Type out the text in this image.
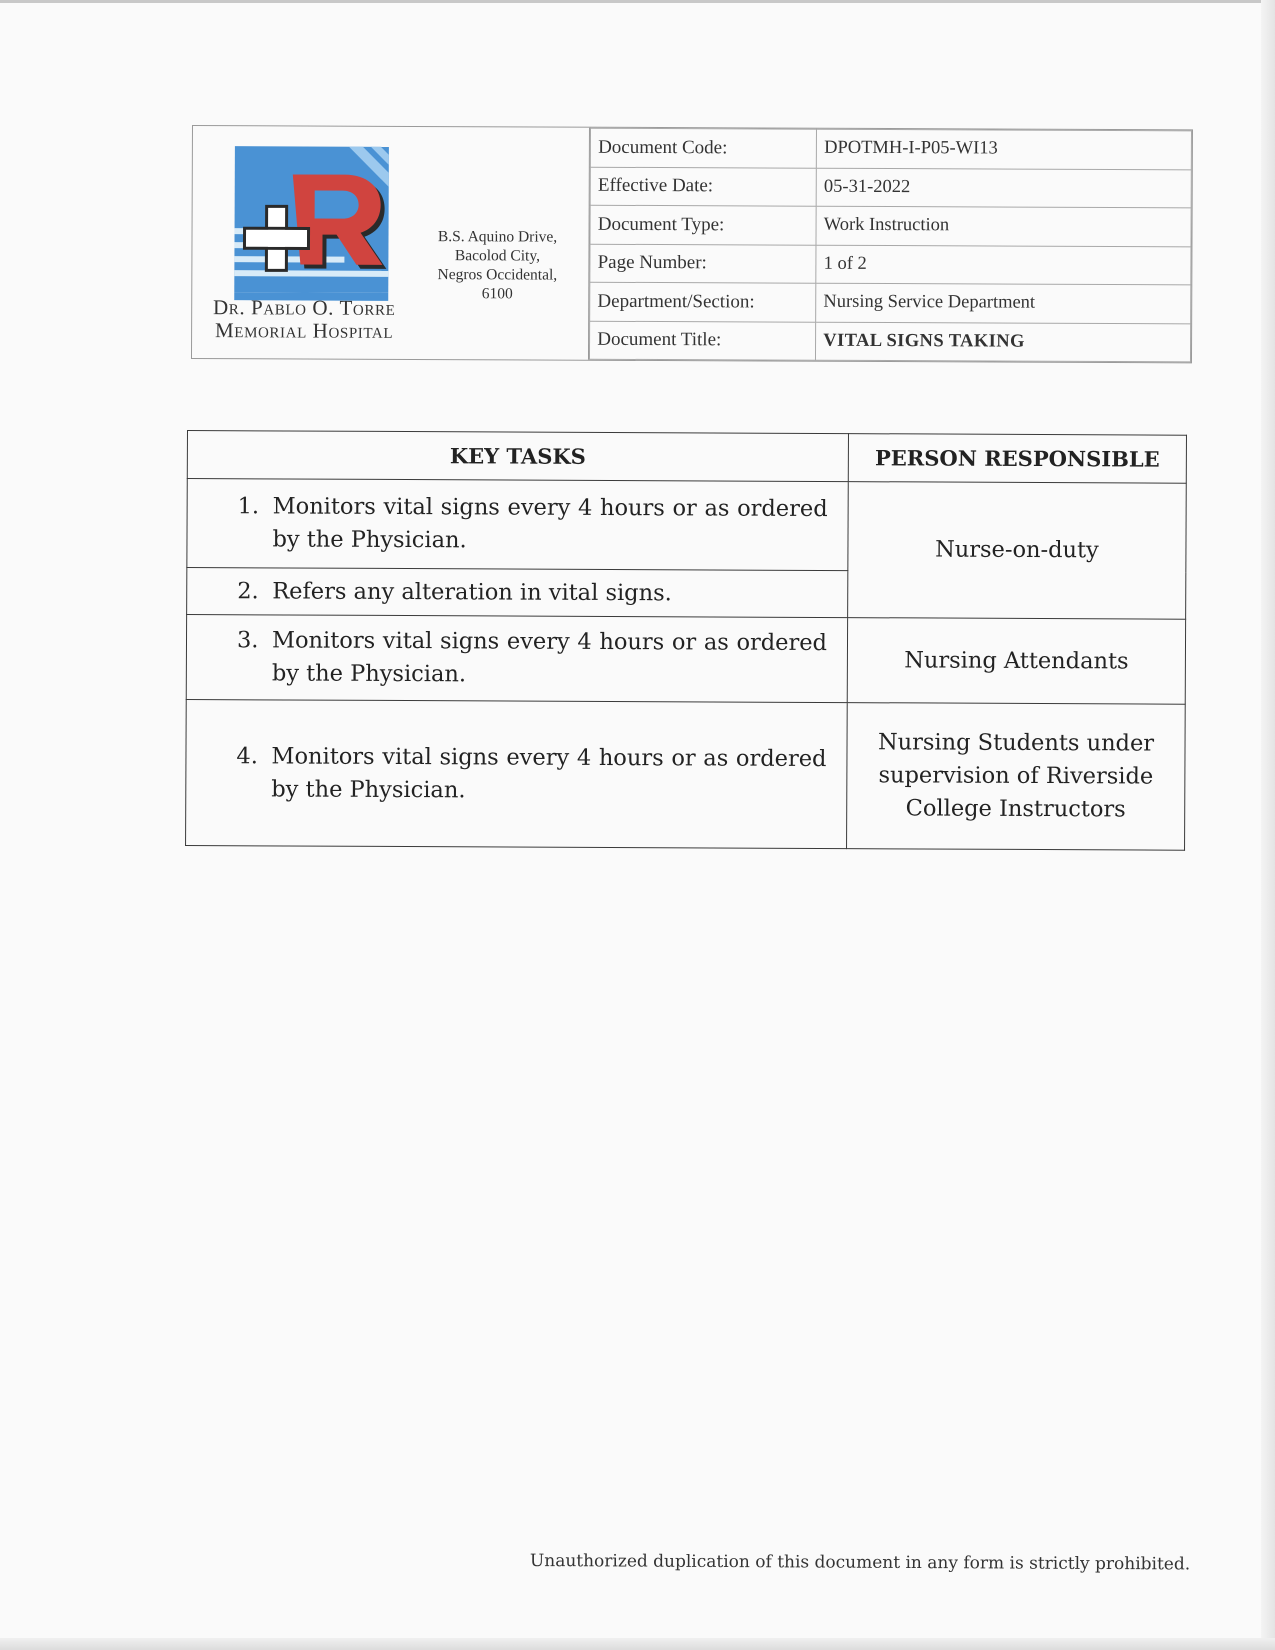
Dr. Pablo O. Torre
Memorial Hospital
B.S. Aquino Drive,
Bacolod City,
Negros Occidental,
6100
Document Code:	DPOTMH-I-P05-WI13
Effective Date:	05-31-2022
Document Type:	Work Instruction
Page Number:	1 of 2
Department/Section:	Nursing Service Department
Document Title:	VITAL SIGNS TAKING
KEY TASKS	PERSON RESPONSIBLE

1. Monitors vital signs every 4 hours or as ordered by the Physician.	Nurse-on-duty

2. Refers any alteration in vital signs.	

3. Monitors vital signs every 4 hours or as ordered by the Physician.	Nursing Attendants

4. Monitors vital signs every 4 hours or as ordered by the Physician.	Nursing Students under supervision of Riverside College Instructors
Unauthorized duplication of this document in any form is strictly prohibited.
